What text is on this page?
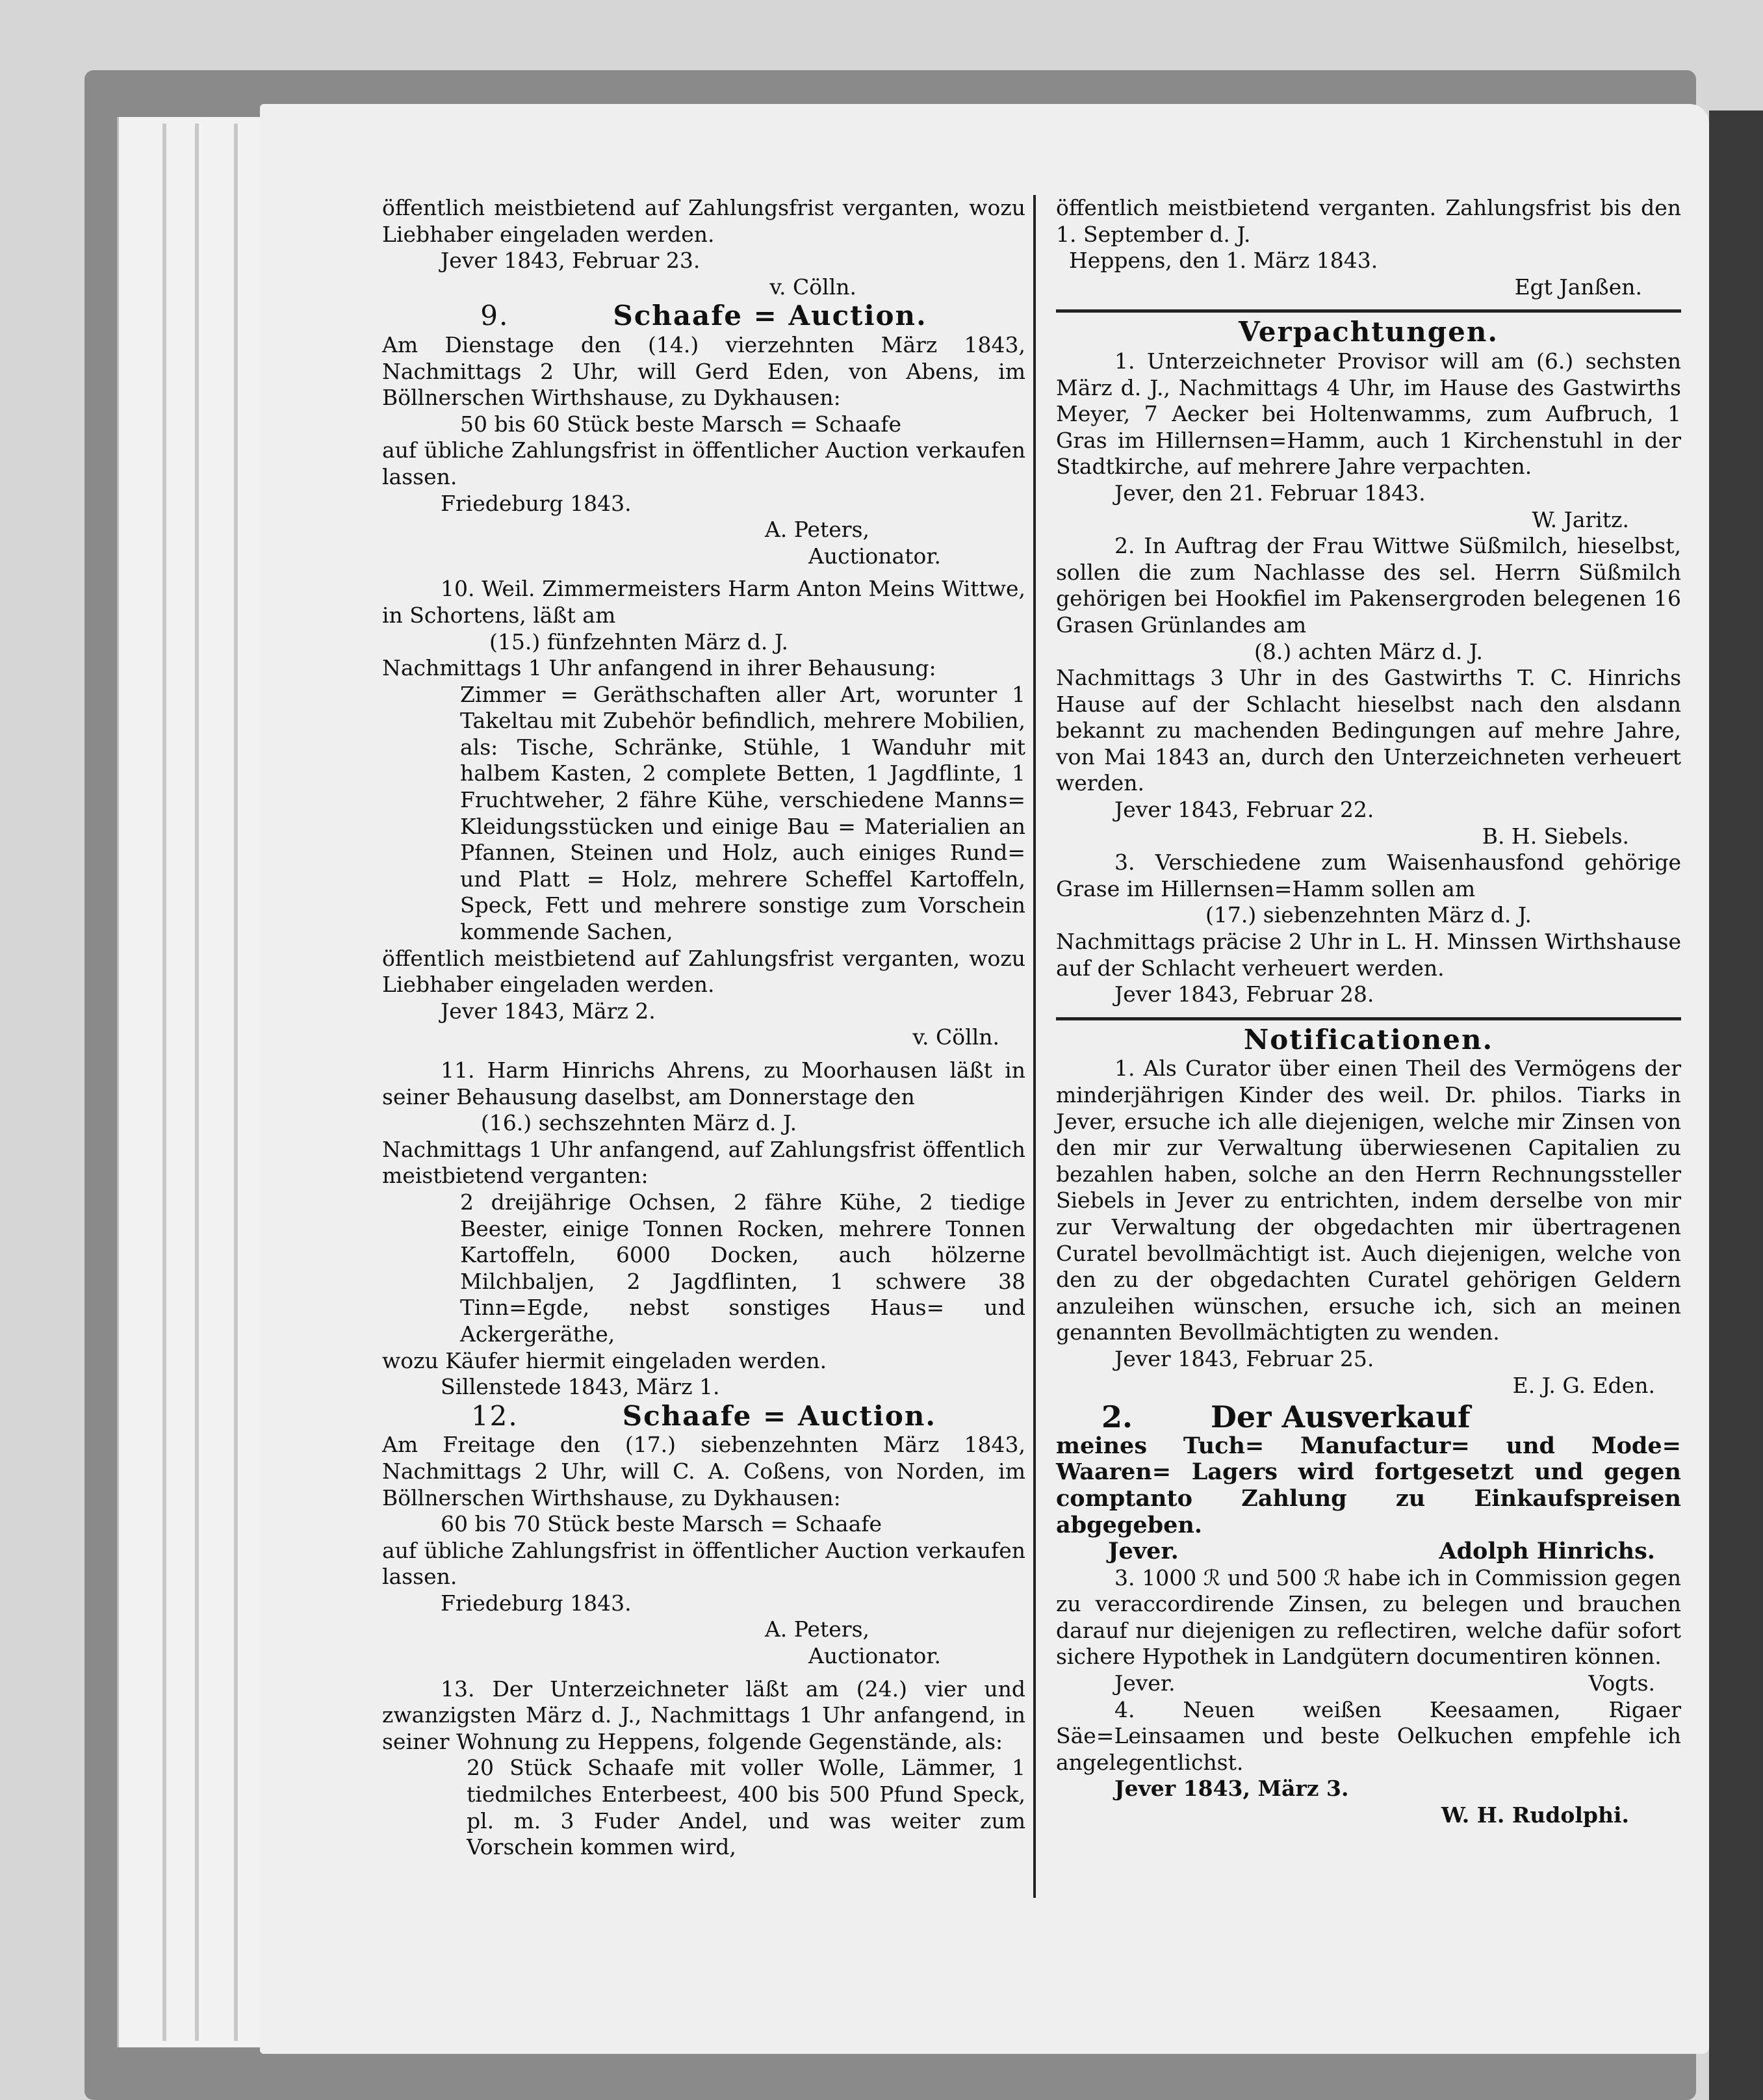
öffentlich meistbietend auf Zahlungsfrist verganten, wozu Liebhaber eingeladen werden.

Jever 1843, Februar 23.

v. Cölln.

9.	Schaafe = Auction.

Am Dienstage den (14.) vierzehnten März 1843, Nachmittags 2 Uhr, will Gerd Eden, von Abens, im Böllnerschen Wirthshause, zu Dykhausen:

50 bis 60 Stück beste Marsch = Schaafe

auf übliche Zahlungsfrist in öffentlicher Auction verkaufen lassen.

Friedeburg 1843.

A. Peters,

Auctionator.

10. Weil. Zimmermeisters Harm Anton Meins Wittwe, in Schortens, läßt am

(15.) fünfzehnten März d. J.

Nachmittags 1 Uhr anfangend in ihrer Behausung:

Zimmer = Geräthschaften aller Art, worunter 1 Takeltau mit Zubehör befindlich, mehrere Mobilien, als: Tische, Schränke, Stühle, 1 Wanduhr mit halbem Kasten, 2 complete Betten, 1 Jagdflinte, 1 Fruchtweher, 2 fähre Kühe, verschiedene Manns= Kleidungsstücken und einige Bau = Materialien an Pfannen, Steinen und Holz, auch einiges Rund= und Platt = Holz, mehrere Scheffel Kartoffeln, Speck, Fett und mehrere sonstige zum Vorschein kommende Sachen,

öffentlich meistbietend auf Zahlungsfrist verganten, wozu Liebhaber eingeladen werden.

Jever 1843, März 2.

v. Cölln.

11. Harm Hinrichs Ahrens, zu Moorhausen läßt in seiner Behausung daselbst, am Donnerstage den

(16.) sechszehnten März d. J.

Nachmittags 1 Uhr anfangend, auf Zahlungsfrist öffentlich meistbietend verganten:

2 dreijährige Ochsen, 2 fähre Kühe, 2 tiedige Beester, einige Tonnen Rocken, mehrere Tonnen Kartoffeln, 6000 Docken, auch hölzerne Milchbaljen, 2 Jagdflinten, 1 schwere 38 Tinn=Egde, nebst sonstiges Haus= und Ackergeräthe,

wozu Käufer hiermit eingeladen werden.

Sillenstede 1843, März 1.

12.	Schaafe = Auction.

Am Freitage den (17.) siebenzehnten März 1843, Nachmittags 2 Uhr, will C. A. Coßens, von Norden, im Böllnerschen Wirthshause, zu Dykhausen:

60 bis 70 Stück beste Marsch = Schaafe

auf übliche Zahlungsfrist in öffentlicher Auction verkaufen lassen.

Friedeburg 1843.

A. Peters,

Auctionator.

13. Der Unterzeichneter läßt am (24.) vier und zwanzigsten März d. J., Nachmittags 1 Uhr anfangend, in seiner Wohnung zu Heppens, folgende Gegenstände, als:

20 Stück Schaafe mit voller Wolle, Lämmer, 1 tiedmilches Enterbeest, 400 bis 500 Pfund Speck, pl. m. 3 Fuder Andel, und was weiter zum Vorschein kommen wird,

öffentlich meistbietend verganten. Zahlungsfrist bis den 1. September d. J.

Heppens, den 1. März 1843.

Egt Janßen.

Verpachtungen.

1. Unterzeichneter Provisor will am (6.) sechsten März d. J., Nachmittags 4 Uhr, im Hause des Gastwirths Meyer, 7 Aecker bei Holtenwamms, zum Aufbruch, 1 Gras im Hillernsen=Hamm, auch 1 Kirchenstuhl in der Stadtkirche, auf mehrere Jahre verpachten.

Jever, den 21. Februar 1843.

W. Jaritz.

2. In Auftrag der Frau Wittwe Süßmilch, hieselbst, sollen die zum Nachlasse des sel. Herrn Süßmilch gehörigen bei Hookfiel im Pakensergroden belegenen 16 Grasen Grünlandes am

(8.) achten März d. J.

Nachmittags 3 Uhr in des Gastwirths T. C. Hinrichs Hause auf der Schlacht hieselbst nach den alsdann bekannt zu machenden Bedingungen auf mehre Jahre, von Mai 1843 an, durch den Unterzeichneten verheuert werden.

Jever 1843, Februar 22.

B. H. Siebels.

3. Verschiedene zum Waisenhausfond gehörige Grase im Hillernsen=Hamm sollen am

(17.) siebenzehnten März d. J.

Nachmittags präcise 2 Uhr in L. H. Minssen Wirthshause auf der Schlacht verheuert werden.

Jever 1843, Februar 28.

Notificationen.

1. Als Curator über einen Theil des Vermögens der minderjährigen Kinder des weil. Dr. philos. Tiarks in Jever, ersuche ich alle diejenigen, welche mir Zinsen von den mir zur Verwaltung überwiesenen Capitalien zu bezahlen haben, solche an den Herrn Rechnungssteller Siebels in Jever zu entrichten, indem derselbe von mir zur Verwaltung der obgedachten mir übertragenen Curatel bevollmächtigt ist. Auch diejenigen, welche von den zu der obgedachten Curatel gehörigen Geldern anzuleihen wünschen, ersuche ich, sich an meinen genannten Bevollmächtigten zu wenden.

Jever 1843, Februar 25.

E. J. G. Eden.

2.	Der Ausverkauf

meines Tuch= Manufactur= und Mode= Waaren= Lagers wird fortgesetzt und gegen comptanto Zahlung zu Einkaufspreisen abgegeben.

Jever.	Adolph Hinrichs.

3. 1000 ℛ und 500 ℛ habe ich in Commission gegen zu veraccordirende Zinsen, zu belegen und brauchen darauf nur diejenigen zu reflectiren, welche dafür sofort sichere Hypothek in Landgütern documentiren können.

Jever.	Vogts.

4. Neuen weißen Keesaamen, Rigaer Säe=Leinsaamen und beste Oelkuchen empfehle ich angelegentlichst.

Jever 1843, März 3.

W. H. Rudolphi.
